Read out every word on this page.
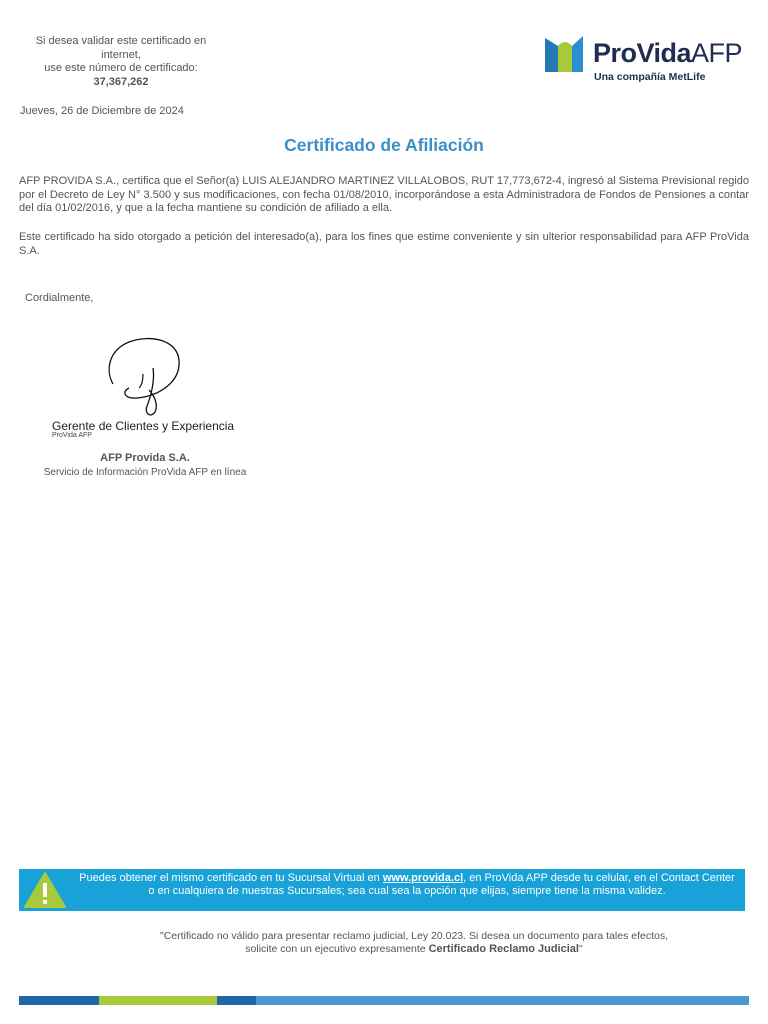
Si desea validar este certificado en
internet,
use este número de certificado:
37,367,262
ProVidaAFP
Una compañía MetLife
Jueves, 26 de Diciembre de 2024
Certificado de Afiliación
AFP PROVIDA S.A., certifica que el Señor(a) LUIS ALEJANDRO MARTINEZ VILLALOBOS, RUT 17,773,672-4, ingresó al Sistema Previsional regido por el Decreto de Ley N° 3.500 y sus modificaciones, con fecha 01/08/2010, incorporándose a esta Administradora de Fondos de Pensiones a contar del día 01/02/2016, y que a la fecha mantiene su condición de afiliado a ella.
Este certificado ha sido otorgado a petición del interesado(a), para los fines que estime conveniente y sin ulterior responsabilidad para AFP ProVida S.A.
Cordialmente,
Gerente de Clientes y Experiencia
ProVida AFP
AFP Provida S.A.
Servicio de Información ProVida AFP en línea
Puedes obtener el mismo certificado en tu Sucursal Virtual en www.provida.cl, en ProVida APP desde tu celular, en el Contact Center o en cualquiera de nuestras Sucursales; sea cual sea la opción que elijas, siempre tiene la misma validez.
"Certificado no válido para presentar reclamo judicial, Ley 20.023. Si desea un documento para tales efectos,
solicite con un ejecutivo expresamente Certificado Reclamo Judicial"
